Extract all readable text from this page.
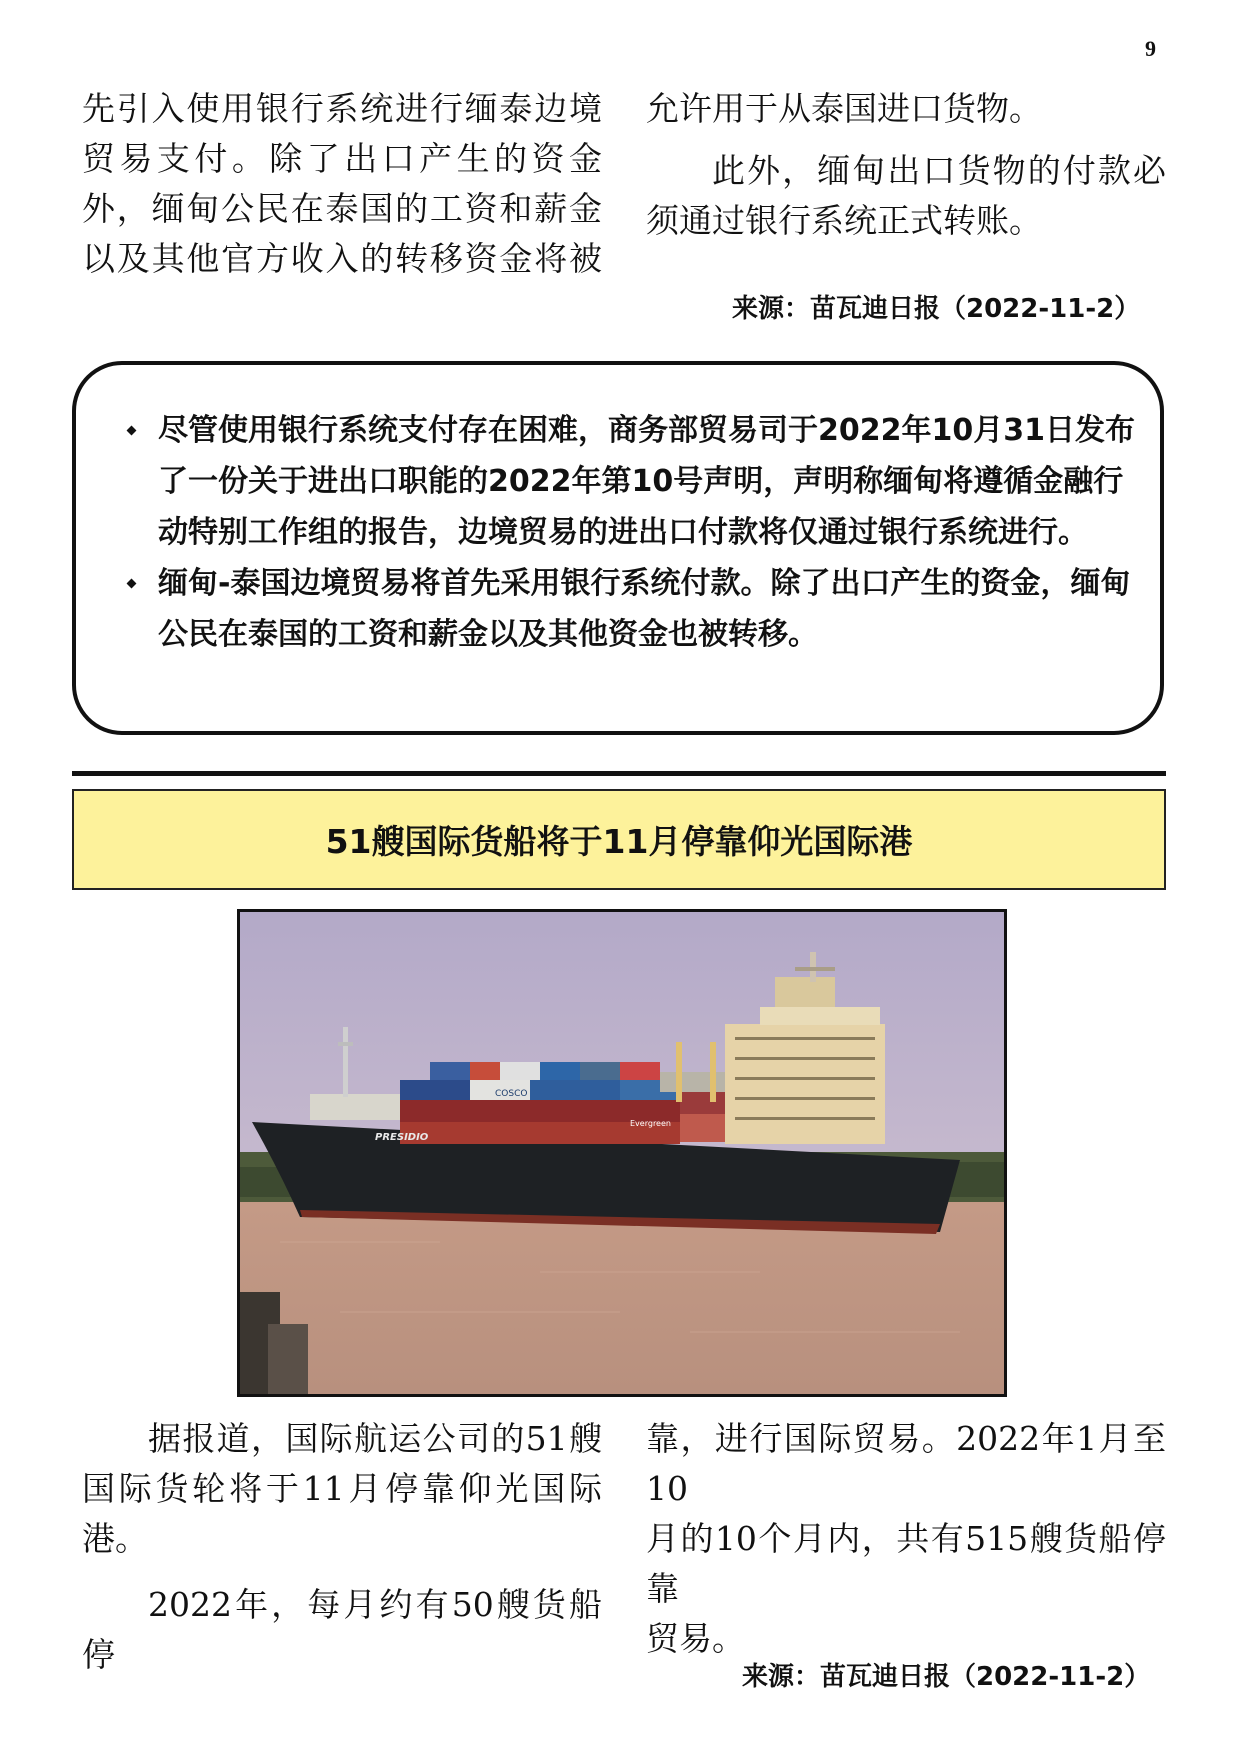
9

先引入使用银行系统进行缅泰边境

贸易支付。除了出口产生的资金

外，缅甸公民在泰国的工资和薪金

以及其他官方收入的转移资金将被

允许用于从泰国进口货物。

此外，缅甸出口货物的付款必

须通过银行系统正式转账。

来源：苗瓦迪日报（2022-11-2）
尽管使用银行系统支付存在困难，商务部贸易司于2022年10月31日发布了一份关于进出口职能的2022年第10号声明，声明称缅甸将遵循金融行动特别工作组的报告，边境贸易的进出口付款将仅通过银行系统进行。
缅甸-泰国边境贸易将首先采用银行系统付款。除了出口产生的资金，缅甸公民在泰国的工资和薪金以及其他资金也被转移。
51艘国际货船将于11月停靠仰光国际港
COSCO
Evergreen
PRESIDIO

据报道，国际航运公司的51艘

国际货轮将于11月停靠仰光国际

港。

2022年，每月约有50艘货船停

靠，进行国际贸易。2022年1月至10

月的10个月内，共有515艘货船停靠

贸易。

来源：苗瓦迪日报（2022-11-2）
